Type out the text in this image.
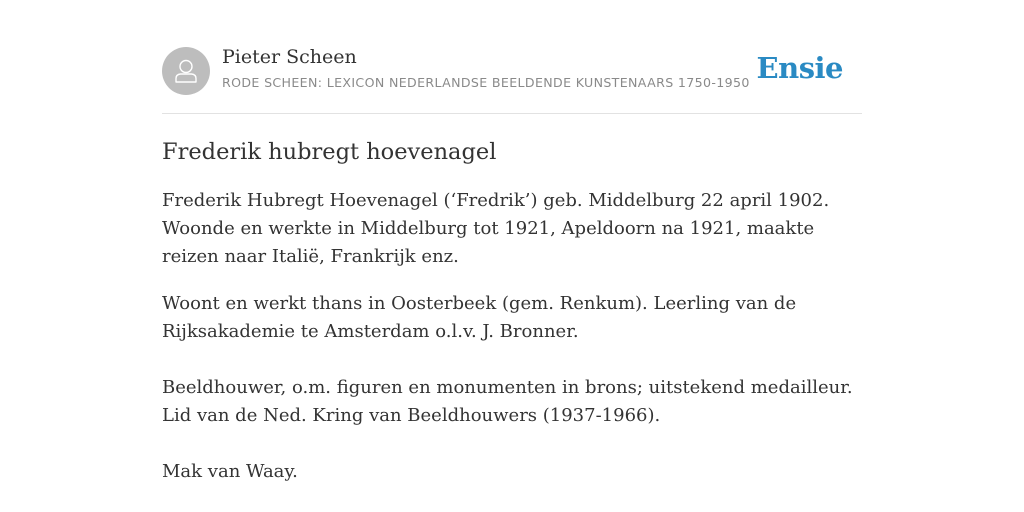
Pieter Scheen
RODE SCHEEN: LEXICON NEDERLANDSE BEELDENDE KUNSTENAARS 1750-1950 Ensie
Frederik hubregt hoevenagel

Frederik Hubregt Hoevenagel (‘Fredrik’) geb. Middelburg 22 april 1902. Woonde en werkte in Middelburg tot 1921, Apeldoorn na 1921, maakte reizen naar Italië, Frankrijk enz.

Woont en werkt thans in Oosterbeek (gem. Renkum). Leerling van de Rijksakademie te Amsterdam o.l.v. J. Bronner.

Beeldhouwer, o.m. figuren en monumenten in brons; uitstekend medailleur. Lid van de Ned. Kring van Beeldhouwers (1937-1966).

Mak van Waay.
